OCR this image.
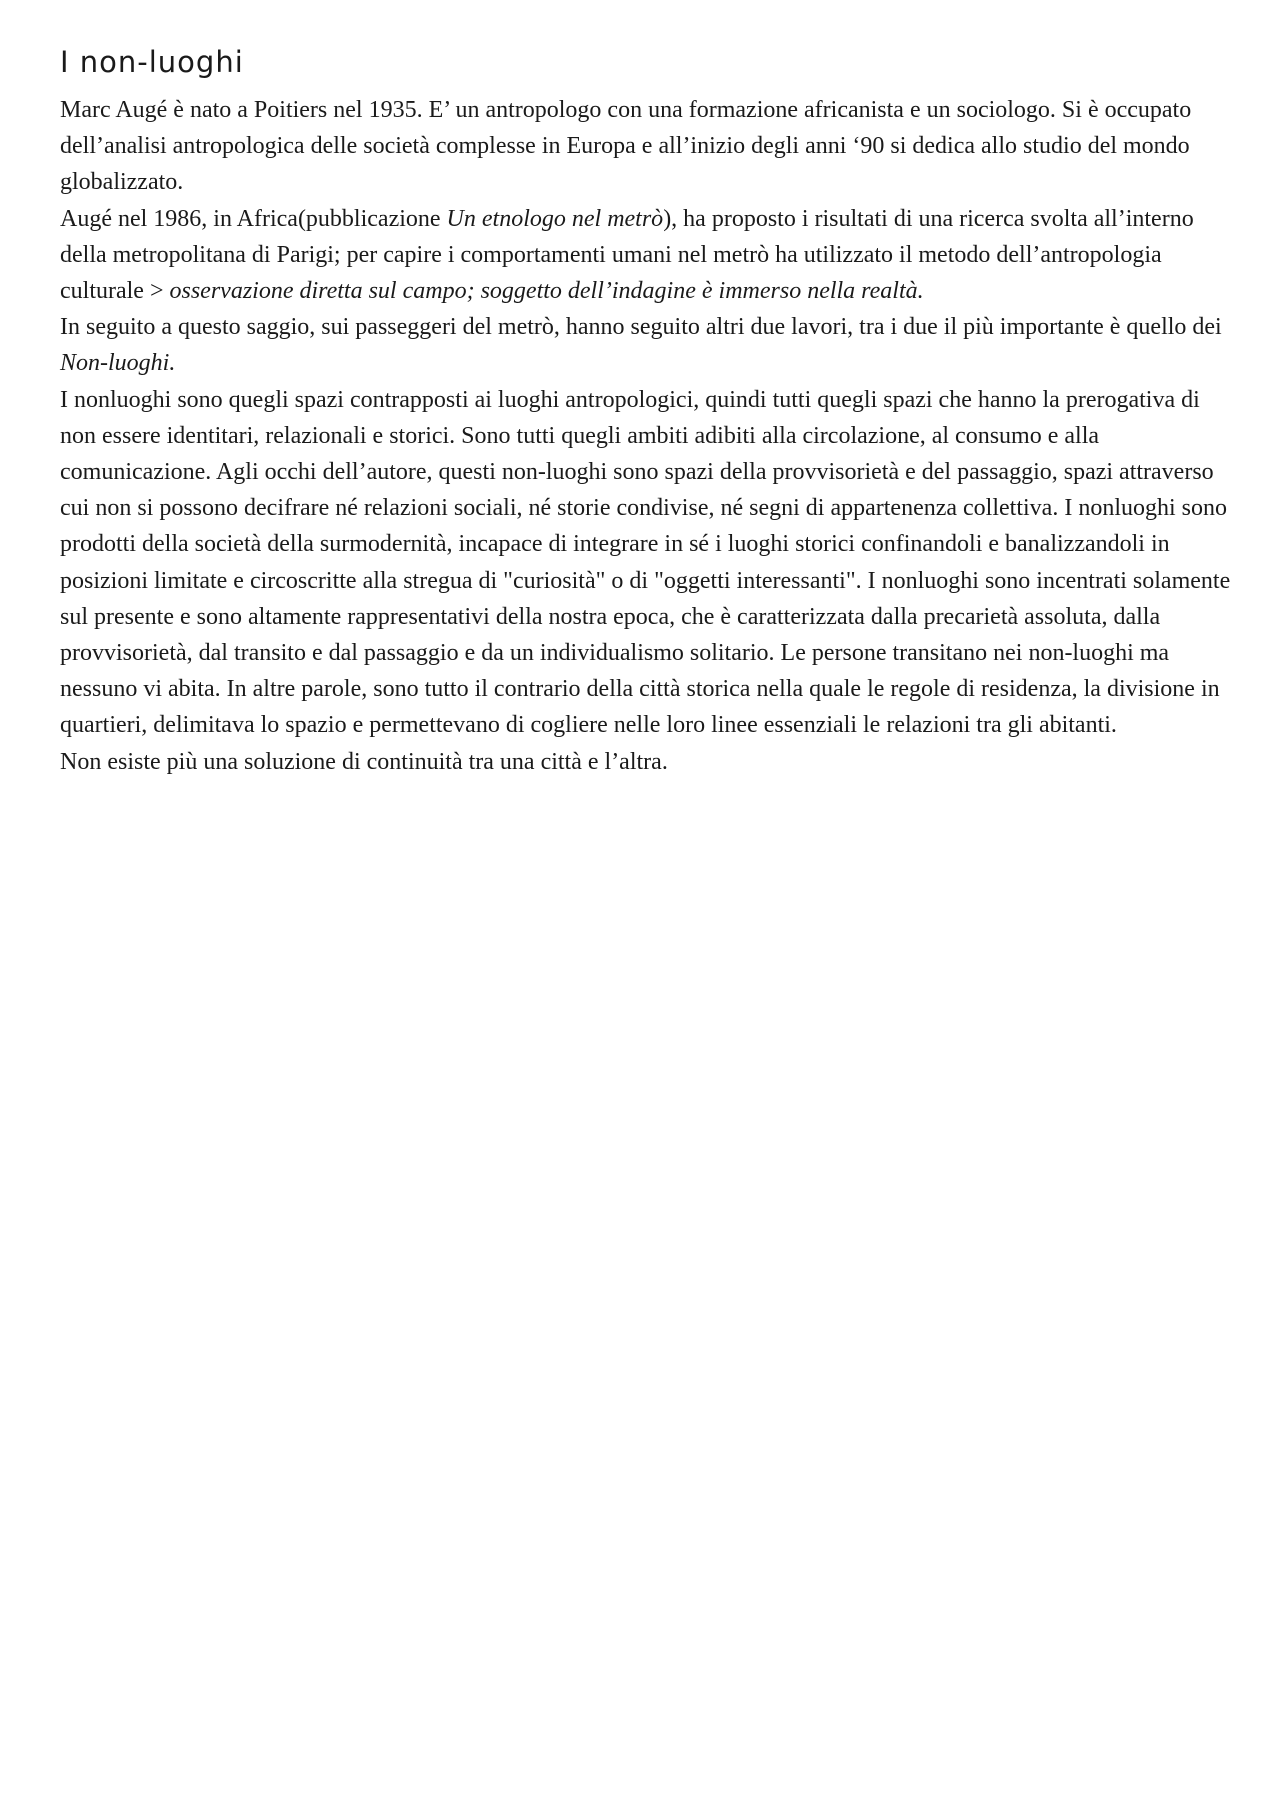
I non-luoghi

Marc Augé è nato a Poitiers nel 1935. E’ un antropologo con una formazione africanista e un sociologo. Si è occupato dell’analisi antropologica delle società complesse in Europa e all’inizio degli anni ‘90 si dedica allo studio del mondo globalizzato.

Augé nel 1986, in Africa(pubblicazione Un etnologo nel metrò), ha proposto i risultati di una ricerca svolta all’interno della metropolitana di Parigi; per capire i comportamenti umani nel metrò ha utilizzato il metodo dell’antropologia culturale > osservazione diretta sul campo; soggetto dell’indagine è immerso nella realtà.

In seguito a questo saggio, sui passeggeri del metrò, hanno seguito altri due lavori, tra i due il più importante è quello dei Non-luoghi.

I nonluoghi sono quegli spazi contrapposti ai luoghi antropologici, quindi tutti quegli spazi che hanno la prerogativa di non essere identitari, relazionali e storici. Sono tutti quegli ambiti adibiti alla circolazione, al consumo e alla comunicazione. Agli occhi dell’autore, questi non-luoghi sono spazi della provvisorietà e del passaggio, spazi attraverso cui non si possono decifrare né relazioni sociali, né storie condivise, né segni di appartenenza collettiva. I nonluoghi sono prodotti della società della surmodernità, incapace di integrare in sé i luoghi storici confinandoli e banalizzandoli in posizioni limitate e circoscritte alla stregua di "curiosità" o di "oggetti interessanti". I nonluoghi sono incentrati solamente sul presente e sono altamente rappresentativi della nostra epoca, che è caratterizzata dalla precarietà assoluta, dalla provvisorietà, dal transito e dal passaggio e da un individualismo solitario. Le persone transitano nei non-luoghi ma nessuno vi abita. In altre parole, sono tutto il contrario della città storica nella quale le regole di residenza, la divisione in quartieri, delimitava lo spazio e permettevano di cogliere nelle loro linee essenziali le relazioni tra gli abitanti.

Non esiste più una soluzione di continuità tra una città e l’altra.
